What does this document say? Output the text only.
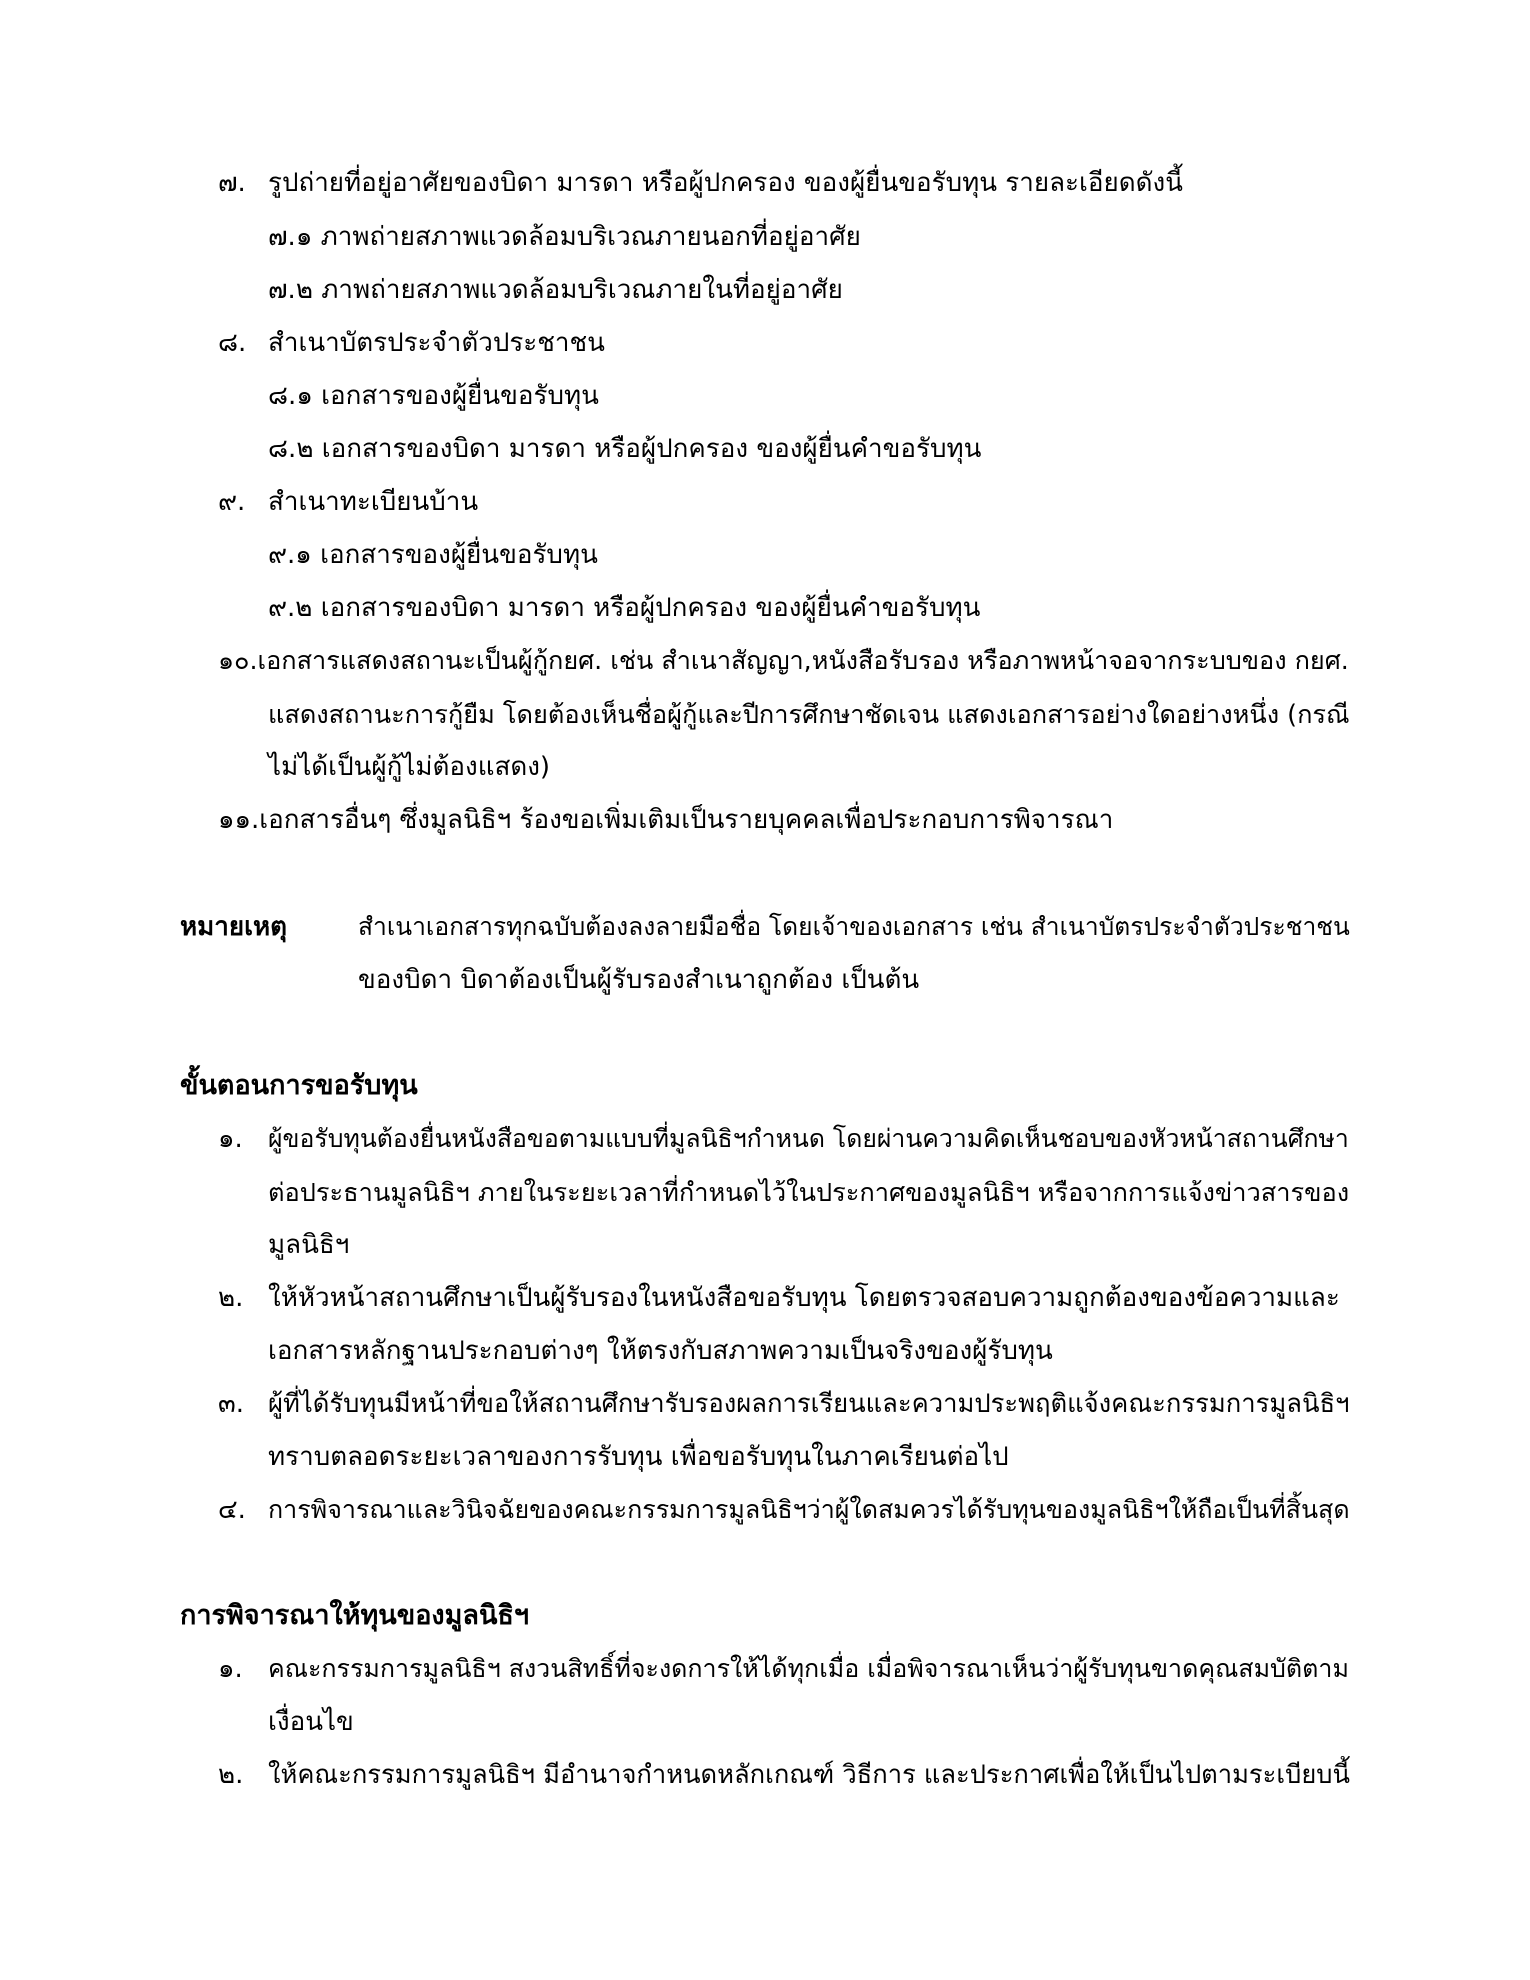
๗. รูปถ่ายที่อยู่อาศัยของบิดา มารดา หรือผู้ปกครอง ของผู้ยื่นขอรับทุน รายละเอียดดังนี้
๗.๑ ภาพถ่ายสภาพแวดล้อมบริเวณภายนอกที่อยู่อาศัย
๗.๒ ภาพถ่ายสภาพแวดล้อมบริเวณภายในที่อยู่อาศัย
๘. สำเนาบัตรประจำตัวประชาชน
๘.๑ เอกสารของผู้ยื่นขอรับทุน
๘.๒ เอกสารของบิดา มารดา หรือผู้ปกครอง ของผู้ยื่นคำขอรับทุน
๙. สำเนาทะเบียนบ้าน
๙.๑ เอกสารของผู้ยื่นขอรับทุน
๙.๒ เอกสารของบิดา มารดา หรือผู้ปกครอง ของผู้ยื่นคำขอรับทุน
๑๐.เอกสารแสดงสถานะเป็นผู้กู้กยศ. เช่น สำเนาสัญญา,หนังสือรับรอง หรือภาพหน้าจอจากระบบของ กยศ.
แสดงสถานะการกู้ยืม โดยต้องเห็นชื่อผู้กู้และปีการศึกษาชัดเจน แสดงเอกสารอย่างใดอย่างหนึ่ง (กรณี
ไม่ได้เป็นผู้กู้ไม่ต้องแสดง)
๑๑.เอกสารอื่นๆ ซึ่งมูลนิธิฯ ร้องขอเพิ่มเติมเป็นรายบุคคลเพื่อประกอบการพิจารณา
หมายเหตุ	สำเนาเอกสารทุกฉบับต้องลงลายมือชื่อ โดยเจ้าของเอกสาร เช่น สำเนาบัตรประจำตัวประชาชน
ของบิดา บิดาต้องเป็นผู้รับรองสำเนาถูกต้อง เป็นต้น
ขั้นตอนการขอรับทุน
๑. ผู้ขอรับทุนต้องยื่นหนังสือขอตามแบบที่มูลนิธิฯกำหนด โดยผ่านความคิดเห็นชอบของหัวหน้าสถานศึกษา
ต่อประธานมูลนิธิฯ ภายในระยะเวลาที่กำหนดไว้ในประกาศของมูลนิธิฯ หรือจากการแจ้งข่าวสารของ
มูลนิธิฯ
๒. ให้หัวหน้าสถานศึกษาเป็นผู้รับรองในหนังสือขอรับทุน โดยตรวจสอบความถูกต้องของข้อความและ
เอกสารหลักฐานประกอบต่างๆ ให้ตรงกับสภาพความเป็นจริงของผู้รับทุน
๓. ผู้ที่ได้รับทุนมีหน้าที่ขอให้สถานศึกษารับรองผลการเรียนและความประพฤติแจ้งคณะกรรมการมูลนิธิฯ
ทราบตลอดระยะเวลาของการรับทุน เพื่อขอรับทุนในภาคเรียนต่อไป
๔. การพิจารณาและวินิจฉัยของคณะกรรมการมูลนิธิฯว่าผู้ใดสมควรได้รับทุนของมูลนิธิฯให้ถือเป็นที่สิ้นสุด
การพิจารณาให้ทุนของมูลนิธิฯ
๑. คณะกรรมการมูลนิธิฯ สงวนสิทธิ์ที่จะงดการให้ได้ทุกเมื่อ เมื่อพิจารณาเห็นว่าผู้รับทุนขาดคุณสมบัติตาม
เงื่อนไข
๒. ให้คณะกรรมการมูลนิธิฯ มีอำนาจกำหนดหลักเกณฑ์ วิธีการ และประกาศเพื่อให้เป็นไปตามระเบียบนี้
